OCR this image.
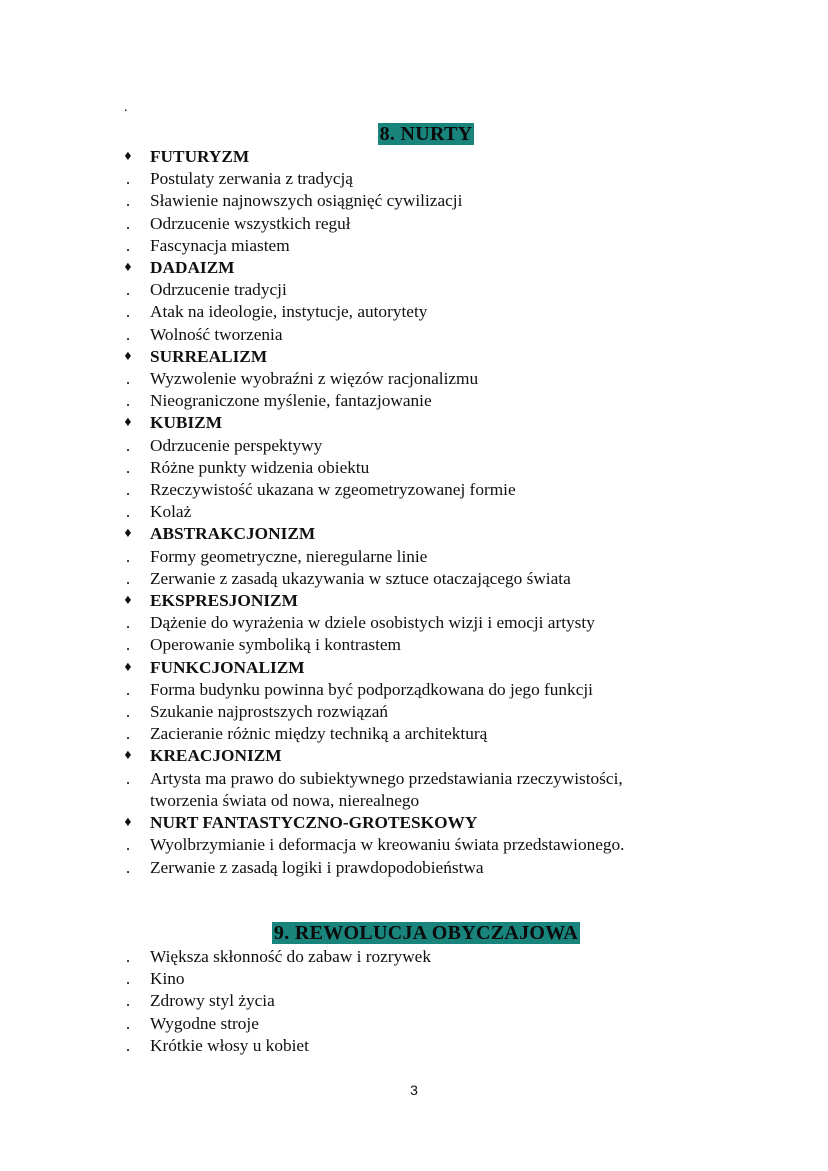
.
8. NURTY
♦	FUTURYZM
. Postulaty zerwania z tradycją
. Sławienie najnowszych osiągnięć cywilizacji
. Odrzucenie wszystkich reguł
. Fascynacja miastem
♦	DADAIZM
. Odrzucenie tradycji
. Atak na ideologie, instytucje, autorytety
. Wolność tworzenia
♦	SURREALIZM
. Wyzwolenie wyobraźni z więzów racjonalizmu
. Nieograniczone myślenie, fantazjowanie
♦	KUBIZM
. Odrzucenie perspektywy
. Różne punkty widzenia obiektu
. Rzeczywistość ukazana w zgeometryzowanej formie
. Kolaż
♦	ABSTRAKCJONIZM
. Formy geometryczne, nieregularne linie
. Zerwanie z zasadą ukazywania w sztuce otaczającego świata
♦	EKSPRESJONIZM
. Dążenie do wyrażenia w dziele osobistych wizji i emocji artysty
. Operowanie symboliką i kontrastem
♦	FUNKCJONALIZM
. Forma budynku powinna być podporządkowana do jego funkcji
. Szukanie najprostszych rozwiązań
. Zacieranie różnic między techniką a architekturą
♦	KREACJONIZM
. Artysta ma prawo do subiektywnego przedstawiania rzeczywistości,
tworzenia świata od nowa, nierealnego
♦	NURT FANTASTYCZNO-GROTESKOWY
. Wyolbrzymianie i deformacja w kreowaniu świata przedstawionego.
. Zerwanie z zasadą logiki i prawdopodobieństwa
9. REWOLUCJA OBYCZAJOWA
. Większa skłonność do zabaw i rozrywek
. Kino
. Zdrowy styl życia
. Wygodne stroje
. Krótkie włosy u kobiet
3
